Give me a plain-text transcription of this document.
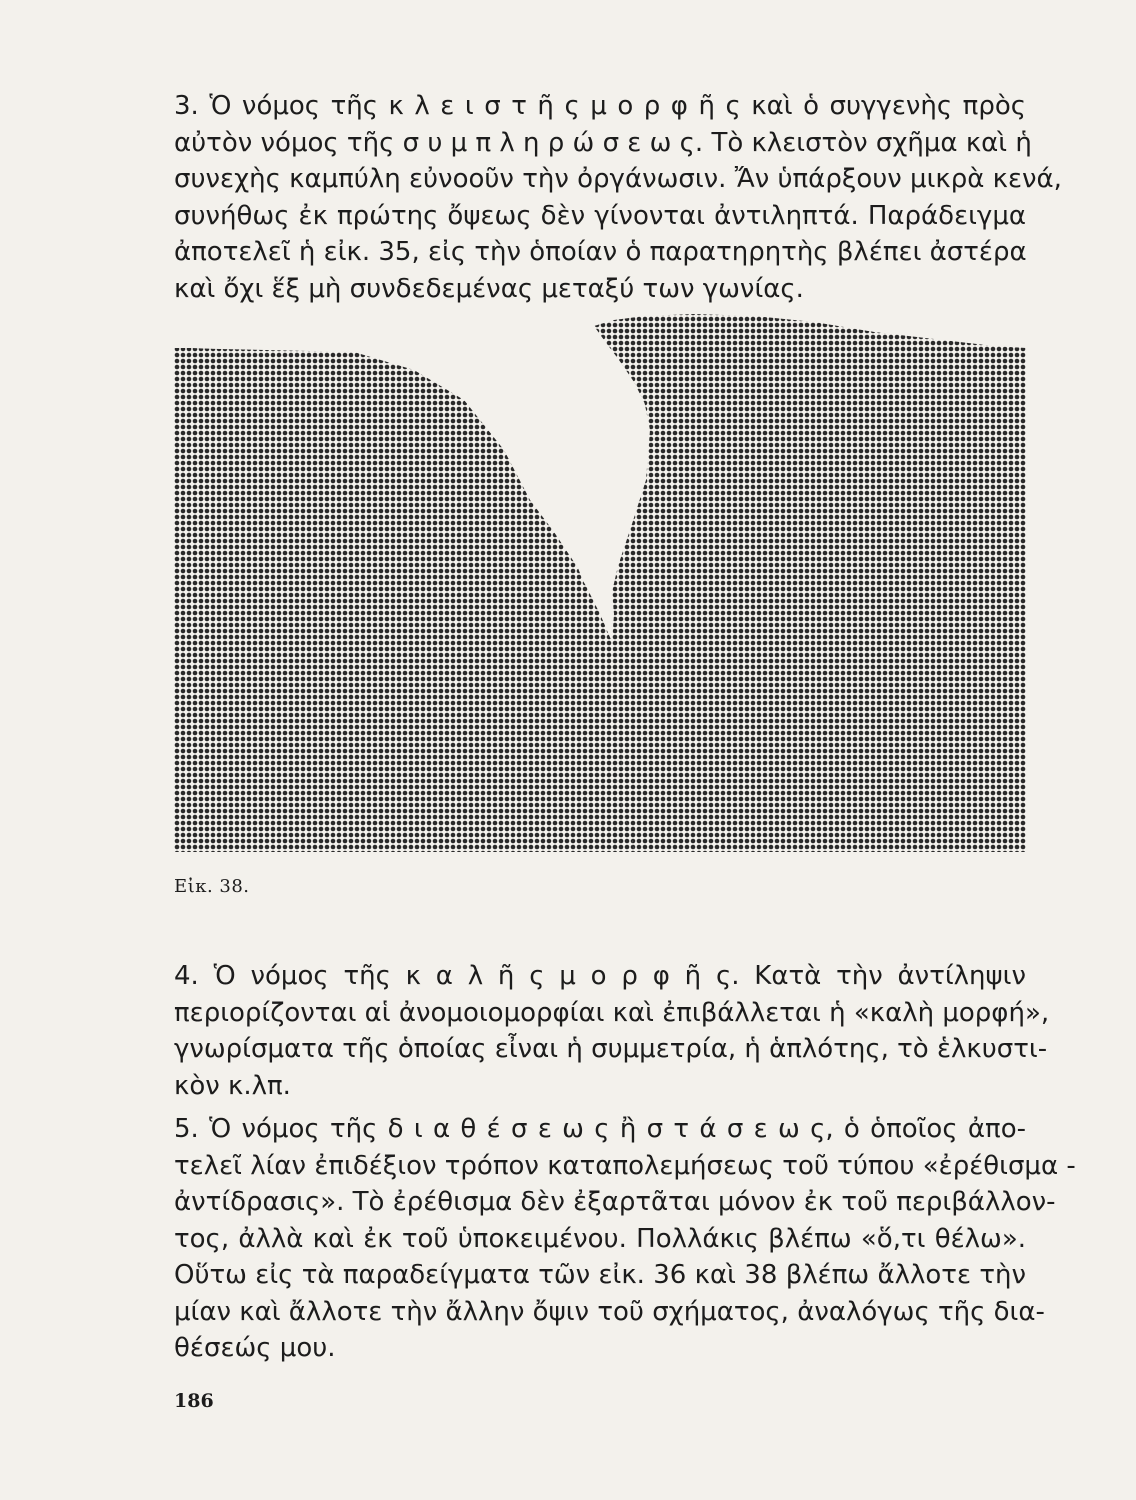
3. Ὁ νόμος τῆς κ λ ε ι σ τ ῆ ς μ ο ρ φ ῆ ς καὶ ὁ συγγενὴς πρὸς
αὐτὸν νόμος τῆς σ υ μ π λ η ρ ώ σ ε ω ς. Τὸ κλειστὸν σχῆμα καὶ ἡ
συνεχὴς καμπύλη εὐνοοῦν τὴν ὀργάνωσιν. Ἄν ὑπάρξουν μικρὰ κενά,
συνήθως ἐκ πρώτης ὄψεως δὲν γίνονται ἀντιληπτά. Παράδειγμα
ἀποτελεῖ ἡ εἰκ. 35, εἰς τὴν ὁποίαν ὁ παρατηρητὴς βλέπει ἀστέρα
καὶ ὄχι ἕξ μὴ συνδεδεμένας μεταξύ των γωνίας.
Εἰκ. 38.
4. Ὁ νόμος τῆς κ α λ ῆ ς μ ο ρ φ ῆ ς. Κατὰ τὴν ἀντίληψιν
περιορίζονται αἱ ἀνομοιομορφίαι καὶ ἐπιβάλλεται ἡ «καλὴ μορφή»,
γνωρίσματα τῆς ὁποίας εἶναι ἡ συμμετρία, ἡ ἁπλότης, τὸ ἑλκυστι-
κὸν κ.λπ.
5. Ὁ νόμος τῆς δ ι α θ έ σ ε ω ς ἢ σ τ ά σ ε ω ς, ὁ ὁποῖος ἀπο-
τελεῖ λίαν ἐπιδέξιον τρόπον καταπολεμήσεως τοῦ τύπου «ἐρέθισμα -
ἀντίδρασις». Τὸ ἐρέθισμα δὲν ἐξαρτᾶται μόνον ἐκ τοῦ περιβάλλον-
τος, ἀλλὰ καὶ ἐκ τοῦ ὑποκειμένου. Πολλάκις βλέπω «ὅ,τι θέλω».
Οὕτω εἰς τὰ παραδείγματα τῶν εἰκ. 36 καὶ 38 βλέπω ἄλλοτε τὴν
μίαν καὶ ἄλλοτε τὴν ἄλλην ὄψιν τοῦ σχήματος, ἀναλόγως τῆς δια-
θέσεώς μου.
186
